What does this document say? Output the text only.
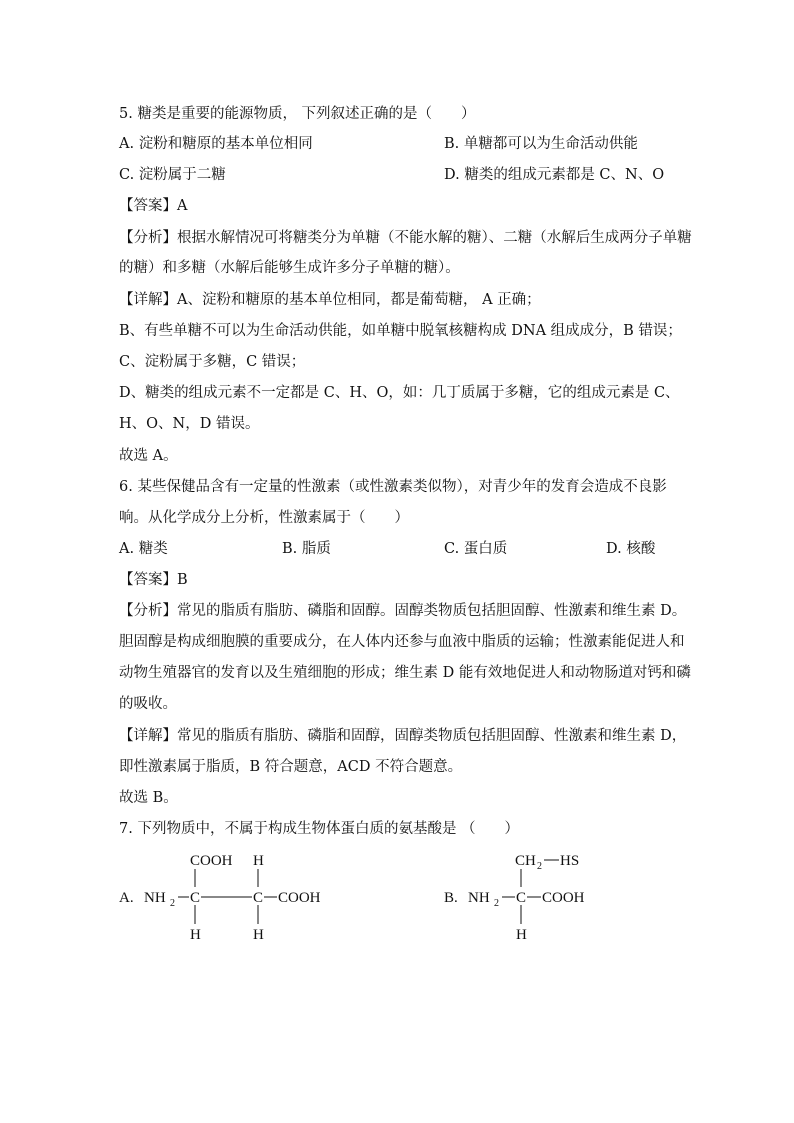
5. 糖类是重要的能源物质， 下列叙述正确的是（　　）
A. 淀粉和糖原的基本单位相同	B. 单糖都可以为生命活动供能
C. 淀粉属于二糖	D. 糖类的组成元素都是 C、N、O
【答案】A
【分析】根据水解情况可将糖类分为单糖（不能水解的糖）、二糖（水解后生成两分子单糖
的糖）和多糖（水解后能够生成许多分子单糖的糖）。
【详解】A、淀粉和糖原的基本单位相同，都是葡萄糖， A 正确；
B、有些单糖不可以为生命活动供能，如单糖中脱氧核糖构成 DNA 组成成分，B 错误；
C、淀粉属于多糖，C 错误；
D、糖类的组成元素不一定都是 C、H、O，如：几丁质属于多糖，它的组成元素是 C、
H、O、N，D 错误。
故选 A。
6. 某些保健品含有一定量的性激素（或性激素类似物），对青少年的发育会造成不良影
响。从化学成分上分析，性激素属于（　　）
A. 糖类	B. 脂质	C. 蛋白质	D. 核酸
【答案】B
【分析】常见的脂质有脂肪、磷脂和固醇。固醇类物质包括胆固醇、性激素和维生素 D。
胆固醇是构成细胞膜的重要成分，在人体内还参与血液中脂质的运输；性激素能促进人和
动物生殖器官的发育以及生殖细胞的形成；维生素 D 能有效地促进人和动物肠道对钙和磷
的吸收。
【详解】常见的脂质有脂肪、磷脂和固醇，固醇类物质包括胆固醇、性激素和维生素 D，
即性激素属于脂质，B 符合题意，ACD 不符合题意。
故选 B。
7. 下列物质中，不属于构成生物体蛋白质的氨基酸是 （　　）
A. NH 2 C	C COOH
COOH H
H	H
B. NH 2 C COOH
CH 2 HS
H
